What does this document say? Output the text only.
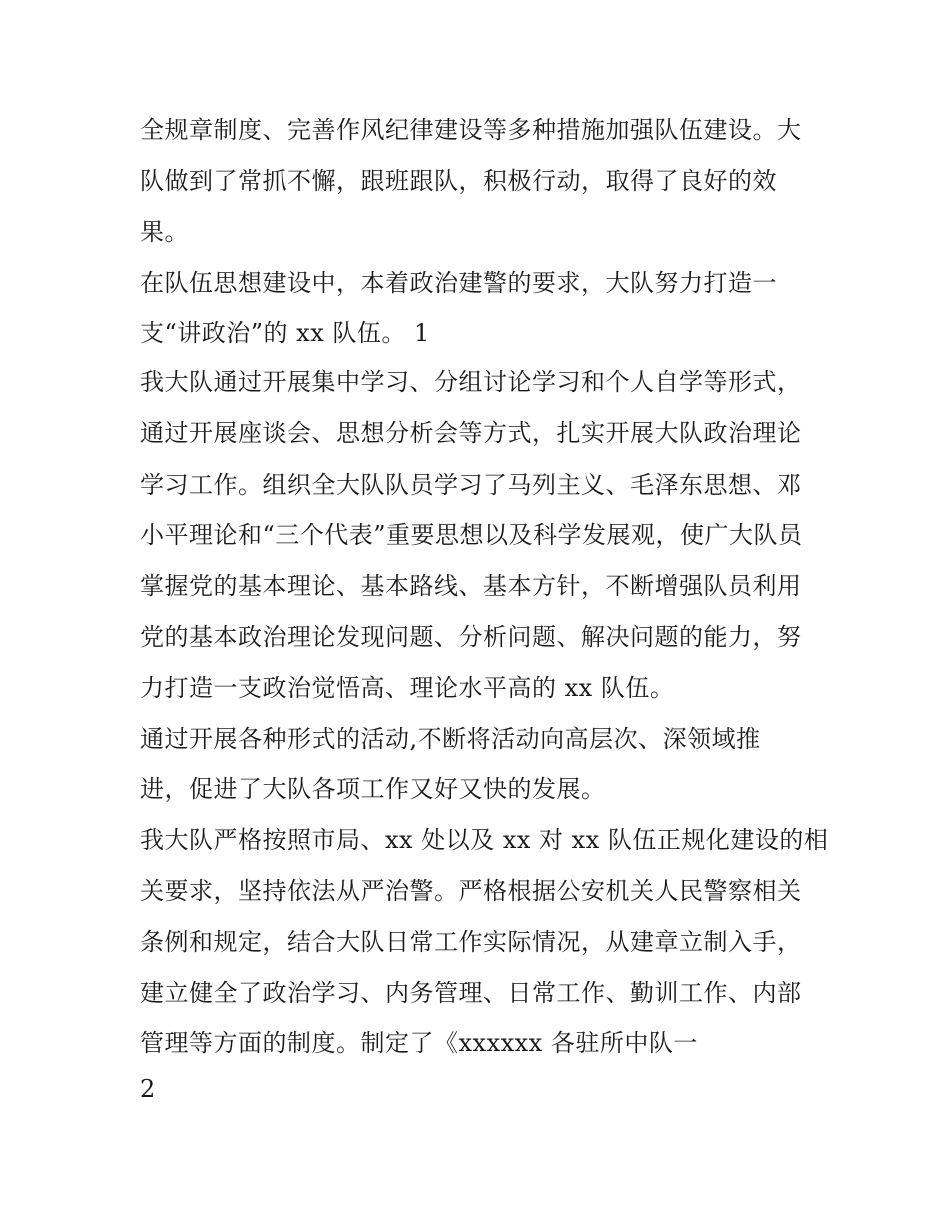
全规章制度、完善作风纪律建设等多种措施加强队伍建设。大
队做到了常抓不懈，跟班跟队，积极行动，取得了良好的效
果。
在队伍思想建设中，本着政治建警的要求，大队努力打造一
支“讲政治”的 xx 队伍。 1
我大队通过开展集中学习、分组讨论学习和个人自学等形式，
通过开展座谈会、思想分析会等方式，扎实开展大队政治理论
学习工作。组织全大队队员学习了马列主义、毛泽东思想、邓
小平理论和“三个代表”重要思想以及科学发展观，使广大队员
掌握党的基本理论、基本路线、基本方针，不断增强队员利用
党的基本政治理论发现问题、分析问题、解决问题的能力，努
力打造一支政治觉悟高、理论水平高的 xx 队伍。
通过开展各种形式的活动,不断将活动向高层次、深领域推
进，促进了大队各项工作又好又快的发展。
我大队严格按照市局、xx 处以及 xx 对 xx 队伍正规化建设的相
关要求，坚持依法从严治警。严格根据公安机关人民警察相关
条例和规定，结合大队日常工作实际情况，从建章立制入手，
建立健全了政治学习、内务管理、日常工作、勤训工作、内部
管理等方面的制度。制定了《xxxxxx 各驻所中队一
2
